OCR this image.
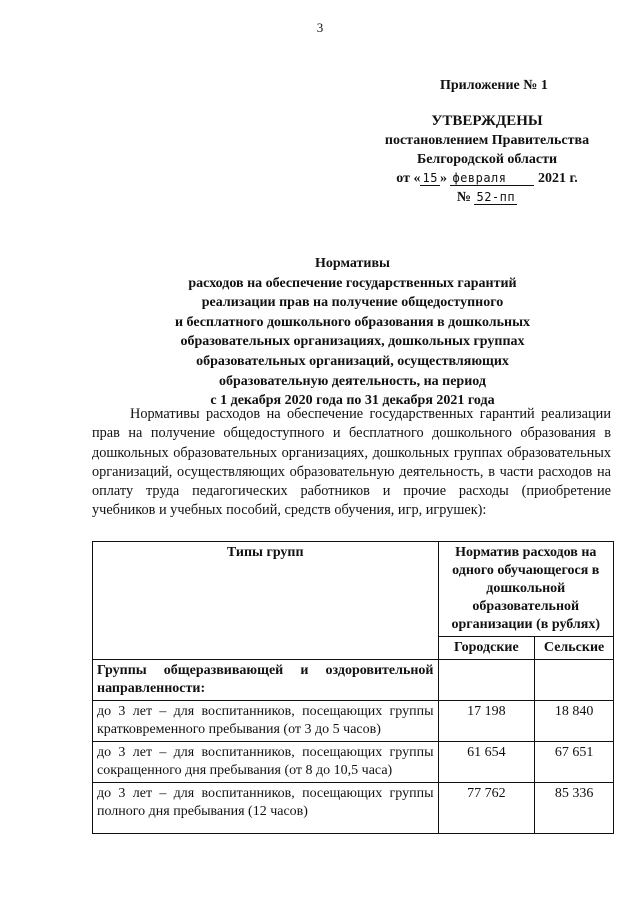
3
Приложение № 1
УТВЕРЖДЕНЫ
постановлением Правительства
Белгородской области
от « 15 » февраля 2021 г.
№ 52-пп
Нормативы
расходов на обеспечение государственных гарантий
реализации прав на получение общедоступного
и бесплатного дошкольного образования в дошкольных
образовательных организациях, дошкольных группах
образовательных организаций, осуществляющих
образовательную деятельность, на период
с 1 декабря 2020 года по 31 декабря 2021 года
Нормативы расходов на обеспечение государственных гарантий реализации прав на получение общедоступного и бесплатного дошкольного образования в дошкольных образовательных организациях, дошкольных группах образовательных организаций, осуществляющих образовательную деятельность, в части расходов на оплату труда педагогических работников и прочие расходы (приобретение учебников и учебных пособий, средств обучения, игр, игрушек):
Типы групп	Норматив расходов на одного обучающегося в дошкольной образовательной организации (в рублях)	
	Городские	Сельские
Группы общеразвивающей и оздоровительной направленности:		
до 3 лет – для воспитанников, посещающих группы кратковременного пребывания (от 3 до 5 часов)	17 198	18 840
до 3 лет – для воспитанников, посещающих группы сокращенного дня пребывания (от 8 до 10,5 часа)	61 654	67 651
до 3 лет – для воспитанников, посещающих группы полного дня пребывания (12 часов)	77 762	85 336
